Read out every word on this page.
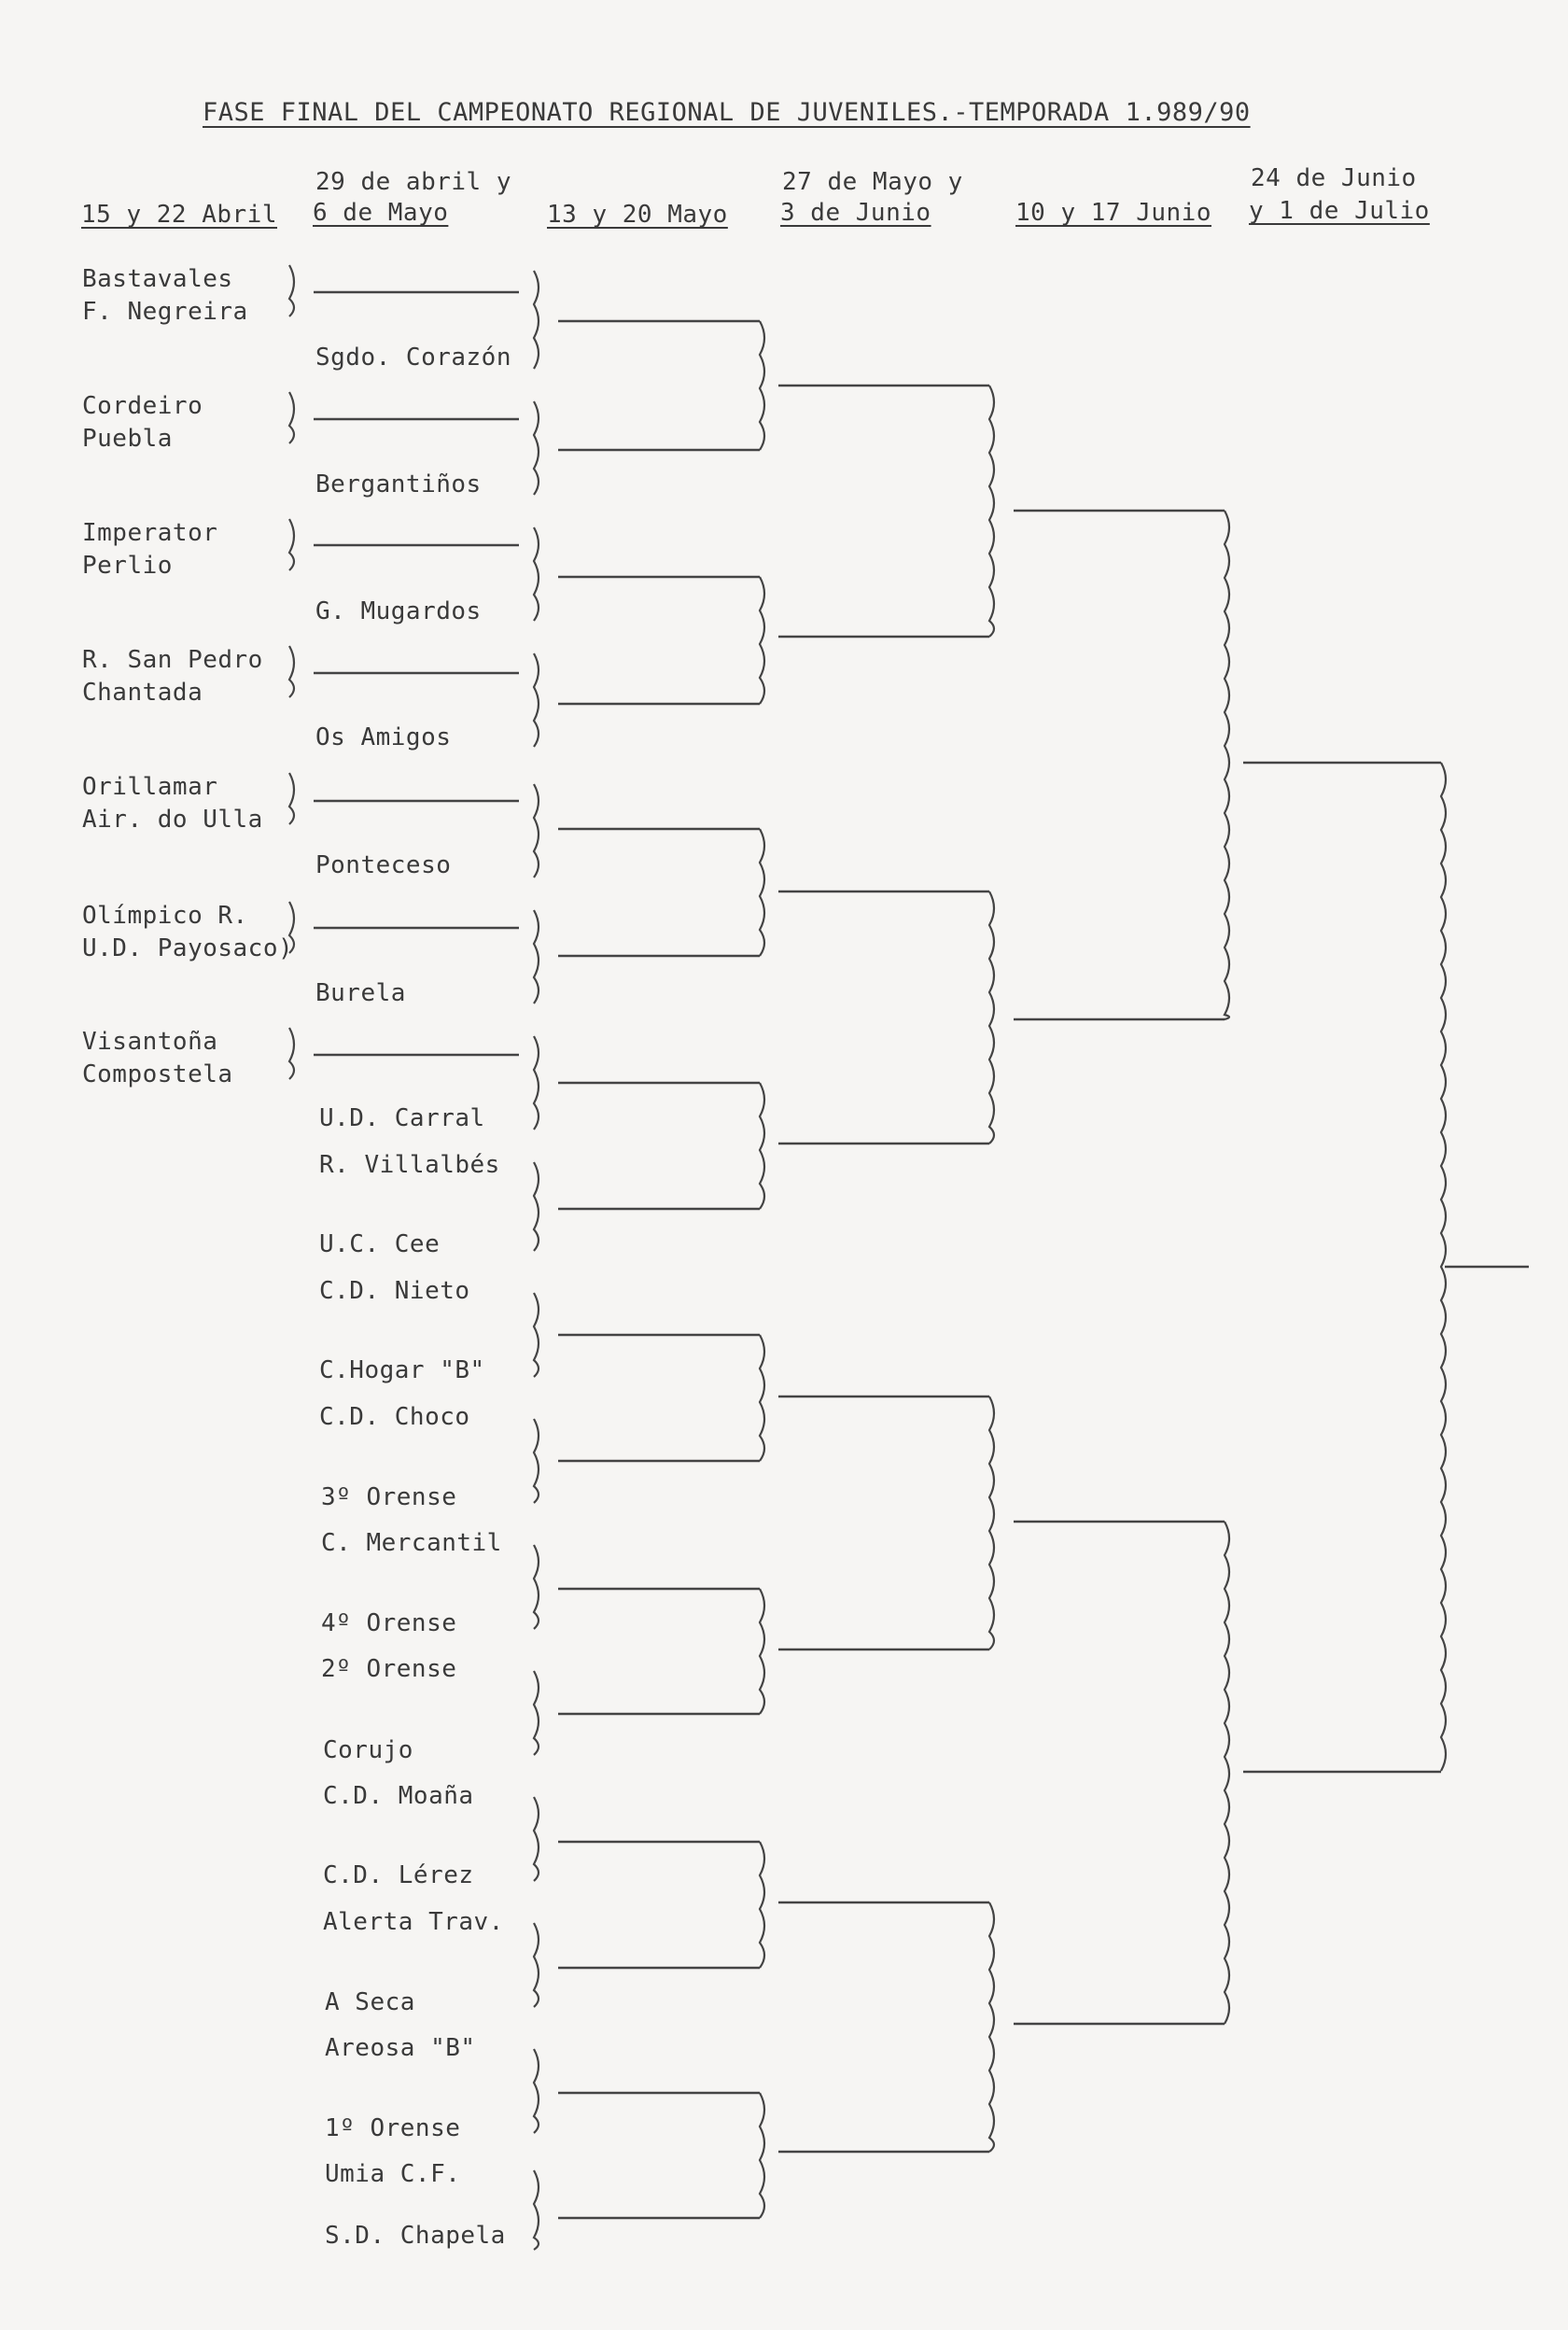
FASE FINAL DEL CAMPEONATO REGIONAL DE JUVENILES.-TEMPORADA 1.989/90
29 de abril y	27 de Mayo y	24 de Junio
15 y 22 Abril 6 de Mayo	13 y 20 Mayo 3 de Junio	10 y 17 Junio y 1 de Julio
Bastavales
F. Negreira
Cordeiro
Puebla
Imperator
Perlio
R. San Pedro
Chantada
Orillamar
Air. do Ulla
Olímpico R.
U.D. Payosaco)
Visantoña
Compostela
Sgdo. Corazón
Bergantiños
G. Mugardos
Os Amigos
Ponteceso
Burela
U.D. Carral
R. Villalbés
U.C. Cee
C.D. Nieto
C.Hogar "B"
C.D. Choco
3º Orense
C. Mercantil
4º Orense
2º Orense
Corujo
C.D. Moaña
C.D. Lérez
Alerta Trav.
A Seca
Areosa "B"
1º Orense
Umia C.F.
S.D. Chapela
